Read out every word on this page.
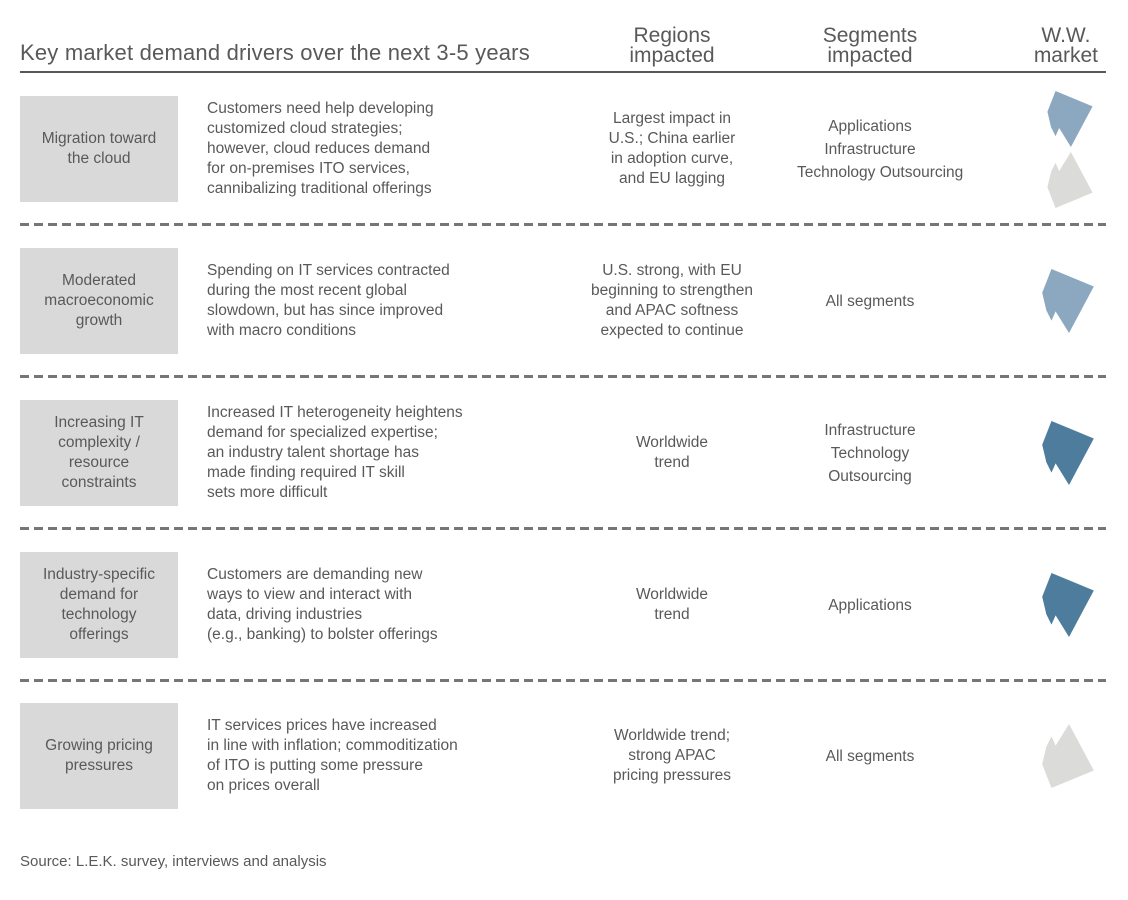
Key market demand drivers over the next 3-5 years
Regions
impacted
Segments
impacted
W.W.
market
Migration toward
the cloud
Customers need help developing
customized cloud strategies;
however, cloud reduces demand
for on-premises ITO services,
cannibalizing traditional offerings
Largest impact in
U.S.; China earlier
in adoption curve,
and EU lagging
Applications
Infrastructure
Technology Outsourcing
Moderated
macroeconomic
growth
Spending on IT services contracted
during the most recent global
slowdown, but has since improved
with macro conditions
U.S. strong, with EU
beginning to strengthen
and APAC softness
expected to continue
All segments
Increasing IT
complexity /
resource
constraints
Increased IT heterogeneity heightens
demand for specialized expertise;
an industry talent shortage has
made finding required IT skill
sets more difficult
Worldwide
trend
Infrastructure
Technology
Outsourcing
Industry-specific
demand for
technology
offerings
Customers are demanding new
ways to view and interact with
data, driving industries
(e.g., banking) to bolster offerings
Worldwide
trend
Applications
Growing pricing
pressures
IT services prices have increased
in line with inflation; commoditization
of ITO is putting some pressure
on prices overall
Worldwide trend;
strong APAC
pricing pressures
All segments
Source: L.E.K. survey, interviews and analysis
